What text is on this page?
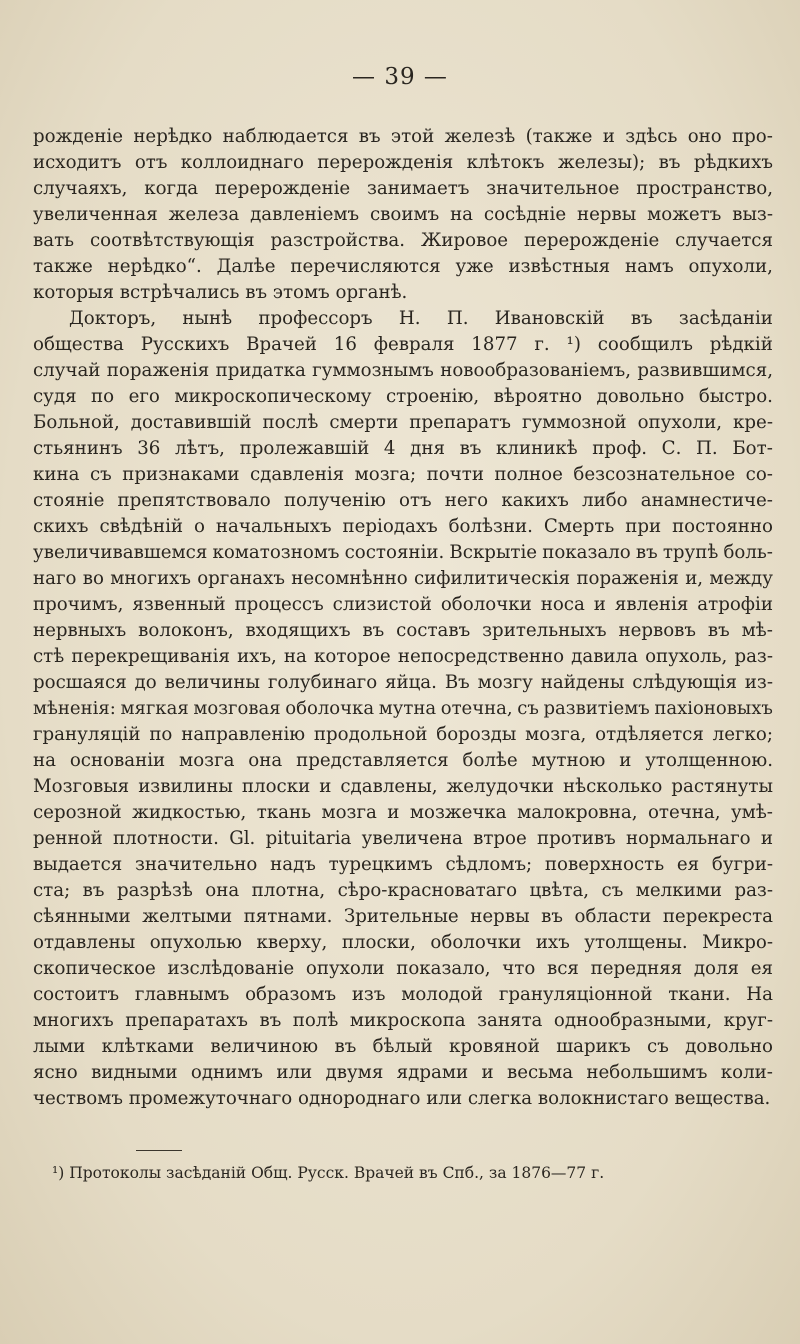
— 39 —
рожденіе нерѣдко наблюдается въ этой железѣ (также и здѣсь оно про-
исходитъ отъ коллоиднаго перерожденія клѣтокъ железы); въ рѣдкихъ
случаяхъ, когда перерожденіе занимаетъ значительное пространство,
увеличенная железа давленіемъ своимъ на сосѣдніе нервы можетъ выз-
вать соотвѣтствующія разстройства. Жировое перерожденіе случается
также нерѣдко“. Далѣе перечисляются уже извѣстныя намъ опухоли,
которыя встрѣчались въ этомъ органѣ.
Докторъ, нынѣ профессоръ Н. П. Ивановскій въ засѣданіи
общества Русскихъ Врачей 16 февраля 1877 г. ¹) сообщилъ рѣдкій
случай пораженія придатка гуммознымъ новообразованіемъ, развившимся,
судя по его микроскопическому строенію, вѣроятно довольно быстро.
Больной, доставившій послѣ смерти препаратъ гуммозной опухоли, кре-
стьянинъ 36 лѣтъ, пролежавшій 4 дня въ клиникѣ проф. С. П. Бот-
кина съ признаками сдавленія мозга; почти полное безсознательное со-
стояніе препятствовало полученію отъ него какихъ либо анамнестиче-
скихъ свѣдѣній о начальныхъ періодахъ болѣзни. Смерть при постоянно
увеличивавшемся коматозномъ состояніи. Вскрытіе показало въ трупѣ боль-
наго во многихъ органахъ несомнѣнно сифилитическія пораженія и, между
прочимъ, язвенный процессъ слизистой оболочки носа и явленія атрофіи
нервныхъ волоконъ, входящихъ въ составъ зрительныхъ нервовъ въ мѣ-
стѣ перекрещиванія ихъ, на которое непосредственно давила опухоль, раз-
росшаяся до величины голубинаго яйца. Въ мозгу найдены слѣдующія из-
мѣненія: мягкая мозговая оболочка мутна отечна, съ развитіемъ пахіоновыхъ
грануляцій по направленію продольной борозды мозга, отдѣляется легко;
на основаніи мозга она представляется болѣе мутною и утолщенною.
Мозговыя извилины плоски и сдавлены, желудочки нѣсколько растянуты
серозной жидкостью, ткань мозга и мозжечка малокровна, отечна, умѣ-
ренной плотности. Gl. pituitaria увеличена втрое противъ нормальнаго и
выдается значительно надъ турецкимъ сѣдломъ; поверхность ея бугри-
ста; въ разрѣзѣ она плотна, сѣро-красноватаго цвѣта, съ мелкими раз-
сѣянными желтыми пятнами. Зрительные нервы въ области перекреста
отдавлены опухолью кверху, плоски, оболочки ихъ утолщены. Микро-
скопическое изслѣдованіе опухоли показало, что вся передняя доля ея
состоитъ главнымъ образомъ изъ молодой грануляціонной ткани. На
многихъ препаратахъ въ полѣ микроскопа занята однообразными, круг-
лыми клѣтками величиною въ бѣлый кровяной шарикъ съ довольно
ясно видными однимъ или двумя ядрами и весьма небольшимъ коли-
чествомъ промежуточнаго однороднаго или слегка волокнистаго вещества.
¹) Протоколы засѣданій Общ. Русск. Врачей въ Спб., за 1876—77 г.
